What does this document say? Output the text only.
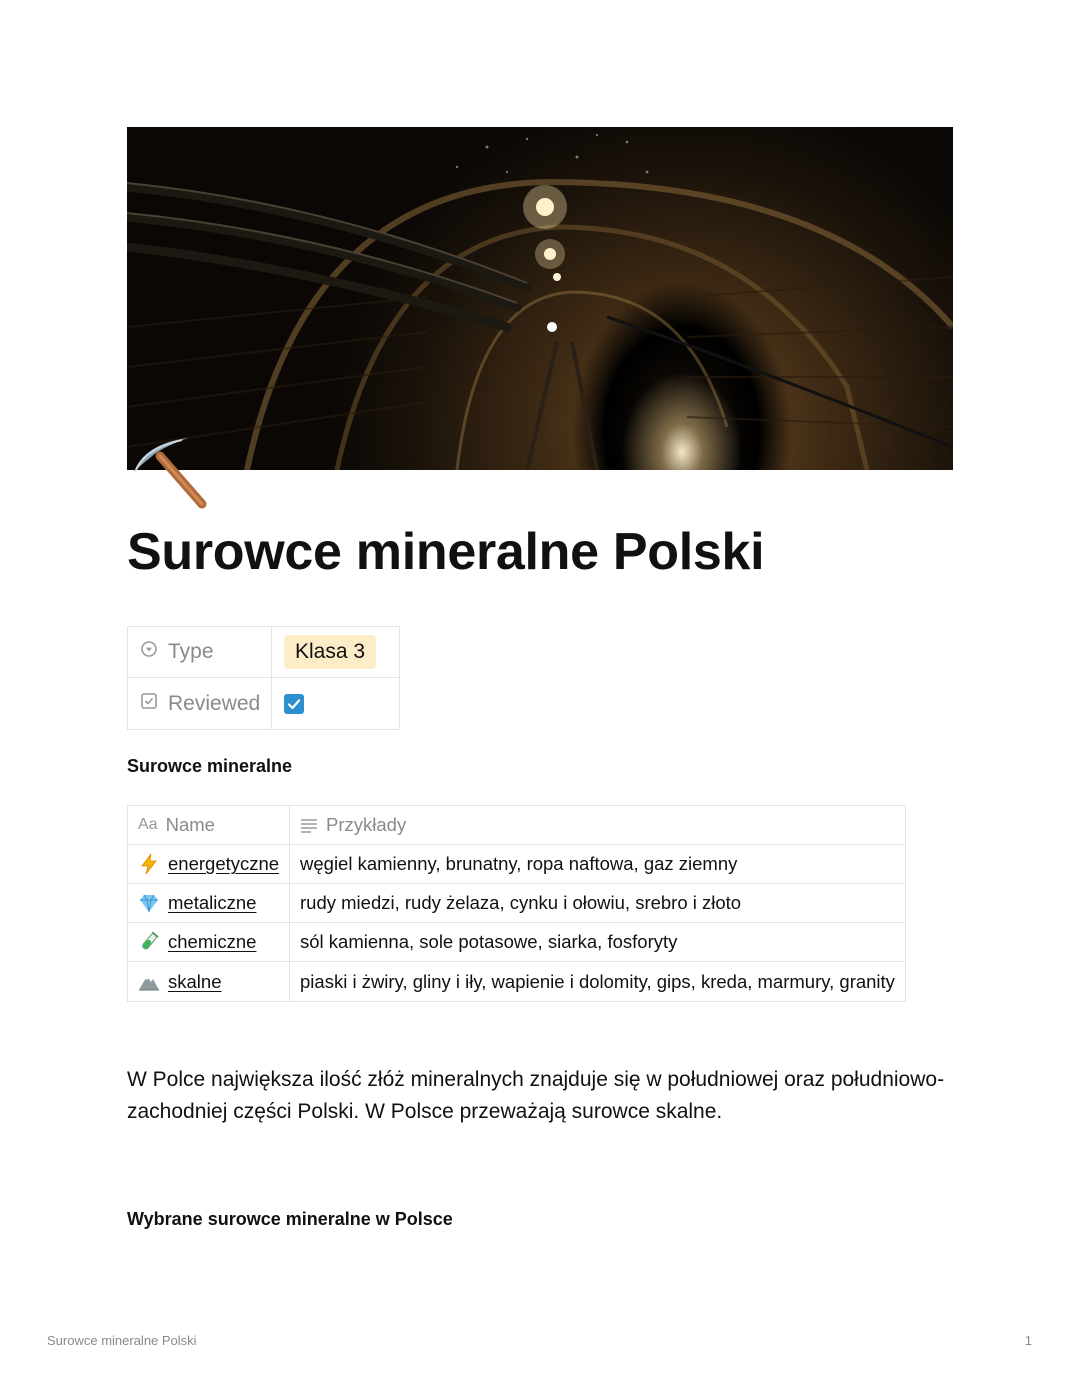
Surowce mineralne Polski
Type	Klasa 3
Reviewed
Surowce mineralne
Aa Name	Przykłady
energetyczne	węgiel kamienny, brunatny, ropa naftowa, gaz ziemny
metaliczne	rudy miedzi, rudy żelaza, cynku i ołowiu, srebro i złoto
chemiczne	sól kamienna, sole potasowe, siarka, fosforyty
skalne	piaski i żwiry, gliny i iły, wapienie i dolomity, gips, kreda, marmury, granity

W Polce największa ilość złóż mineralnych znajduje się w południowej oraz południowo-zachodniej części Polski. W Polsce przeważają surowce skalne.

Wybrane surowce mineralne w Polsce
Surowce mineralne Polski	1
